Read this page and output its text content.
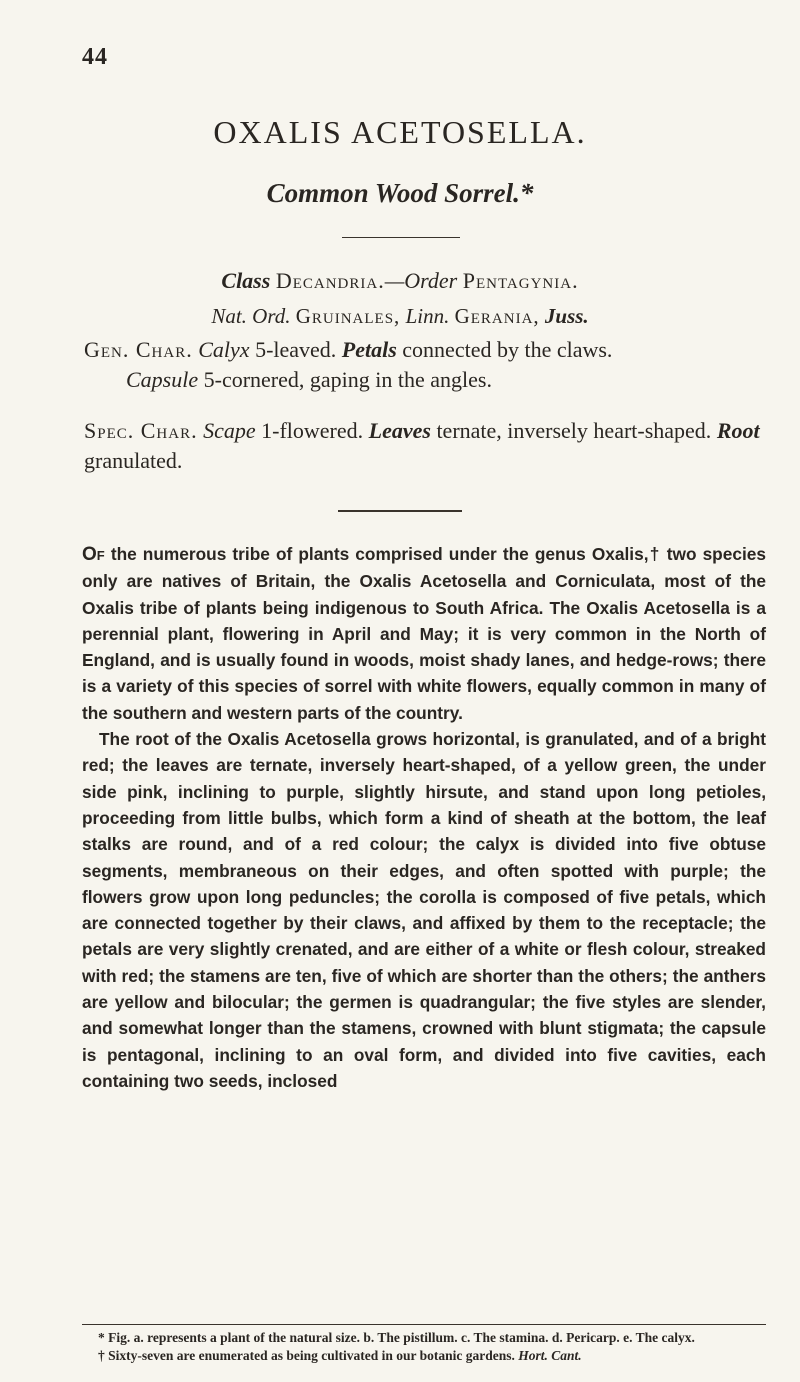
44
OXALIS ACETOSELLA.
Common Wood Sorrel.*
Class Decandria.—Order Pentagynia.
Nat. Ord. Gruinales, Linn. Gerania, Juss.
Gen. Char. Calyx 5-leaved. Petals connected by the claws.
Capsule 5-cornered, gaping in the angles.
Spec. Char. Scape 1-flowered. Leaves ternate, inversely heart-shaped. Root granulated.

Of the numerous tribe of plants comprised under the genus Oxalis,† two species only are natives of Britain, the Oxalis Acetosella and Corniculata, most of the Oxalis tribe of plants being indigenous to South Africa. The Oxalis Acetosella is a perennial plant, flowering in April and May; it is very common in the North of England, and is usually found in woods, moist shady lanes, and hedge-rows; there is a variety of this species of sorrel with white flowers, equally common in many of the southern and western parts of the country.

The root of the Oxalis Acetosella grows horizontal, is granulated, and of a bright red; the leaves are ternate, inversely heart-shaped, of a yellow green, the under side pink, inclining to purple, slightly hirsute, and stand upon long petioles, proceeding from little bulbs, which form a kind of sheath at the bottom, the leaf stalks are round, and of a red colour; the calyx is divided into five obtuse segments, membraneous on their edges, and often spotted with purple; the flowers grow upon long peduncles; the corolla is composed of five petals, which are connected together by their claws, and affixed by them to the receptacle; the petals are very slightly crenated, and are either of a white or flesh colour, streaked with red; the stamens are ten, five of which are shorter than the others; the anthers are yellow and bilocular; the germen is quadrangular; the five styles are slender, and somewhat longer than the stamens, crowned with blunt stigmata; the capsule is pentagonal, inclining to an oval form, and divided into five cavities, each containing two seeds, inclosed

* Fig. a. represents a plant of the natural size. b. The pistillum. c. The stamina. d. Pericarp. e. The calyx.

† Sixty-seven are enumerated as being cultivated in our botanic gardens. Hort. Cant.
